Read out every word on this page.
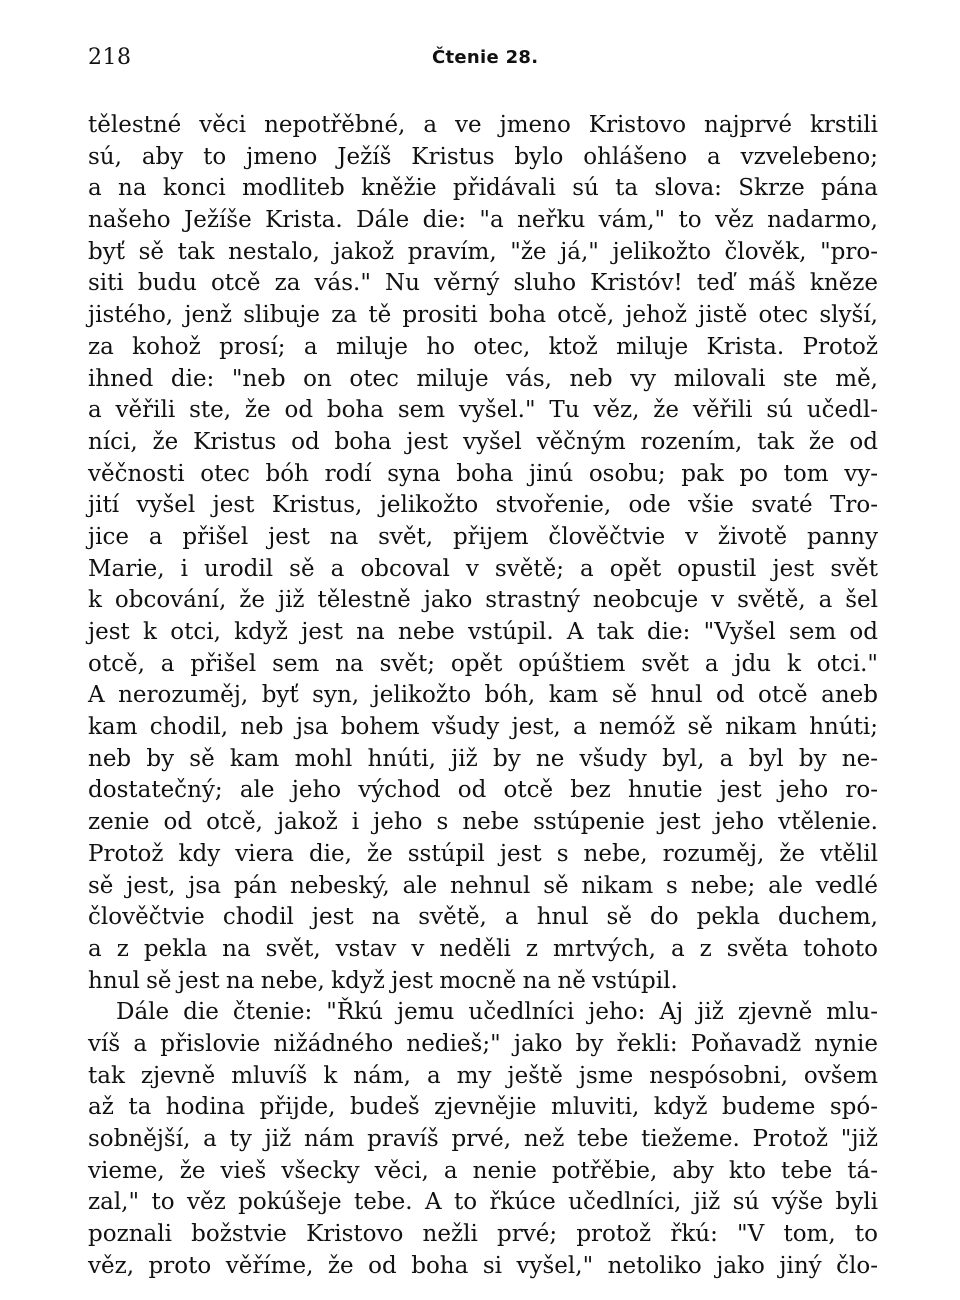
218	Čtenie 28.
tělestné věci nepotřěbné, a ve jmeno Kristovo najprvé krstili
sú, aby to jmeno Ježíš Kristus bylo ohlášeno a vzvelebeno;
a na konci modliteb kněžie přidávali sú ta slova: Skrze pána
našeho Ježíše Krista. Dále die: "a neřku vám," to věz nadarmo,
byť sě tak nestalo, jakož pravím, "že já," jelikožto člověk, "pro-
siti budu otcě za vás." Nu věrný sluho Kristóv! teď máš kněze
jistého, jenž slibuje za tě prositi boha otcě, jehož jistě otec slyší,
za kohož prosí; a miluje ho otec, ktož miluje Krista. Protož
ihned die: "neb on otec miluje vás, neb vy milovali ste mě,
a věřili ste, že od boha sem vyšel." Tu věz, že věřili sú učedl-
níci, že Kristus od boha jest vyšel věčným rozením, tak že od
věčnosti otec bóh rodí syna boha jinú osobu; pak po tom vy-
jití vyšel jest Kristus, jelikožto stvořenie, ode všie svaté Tro-
jice a přišel jest na svět, přijem člověčtvie v životě panny
Marie, i urodil sě a obcoval v světě; a opět opustil jest svět
k obcování, že již tělestně jako strastný neobcuje v světě, a šel
jest k otci, když jest na nebe vstúpil. A tak die: "Vyšel sem od
otcě, a přišel sem na svět; opět opúštiem svět a jdu k otci."
A nerozuměj, byť syn, jelikožto bóh, kam sě hnul od otcě aneb
kam chodil, neb jsa bohem všudy jest, a nemóž sě nikam hnúti;
neb by sě kam mohl hnúti, již by ne všudy byl, a byl by ne-
dostatečný; ale jeho východ od otcě bez hnutie jest jeho ro-
zenie od otcě, jakož i jeho s nebe sstúpenie jest jeho vtělenie.
Protož kdy viera die, že sstúpil jest s nebe, rozuměj, že vtělil
sě jest, jsa pán nebeský, ale nehnul sě nikam s nebe; ale vedlé
člověčtvie chodil jest na světě, a hnul sě do pekla duchem,
a z pekla na svět, vstav v neděli z mrtvých, a z světa tohoto
hnul sě jest na nebe, když jest mocně na ně vstúpil.
Dále die čtenie: "Řkú jemu učedlníci jeho: Aj již zjevně mlu-
víš a přislovie nižádného nedieš;" jako by řekli: Poňavadž nynie
tak zjevně mluvíš k nám, a my ještě jsme nespósobni, ovšem
až ta hodina přijde, budeš zjevnějie mluviti, když budeme spó-
sobnější, a ty již nám pravíš prvé, než tebe tiežeme. Protož "již
vieme, že vieš všecky věci, a nenie potřěbie, aby kto tebe tá-
zal," to věz pokúšeje tebe. A to řkúce učedlníci, již sú výše byli
poznali božstvie Kristovo nežli prvé; protož řkú: "V tom, to
věz, proto věříme, že od boha si vyšel," netoliko jako jiný člo-
